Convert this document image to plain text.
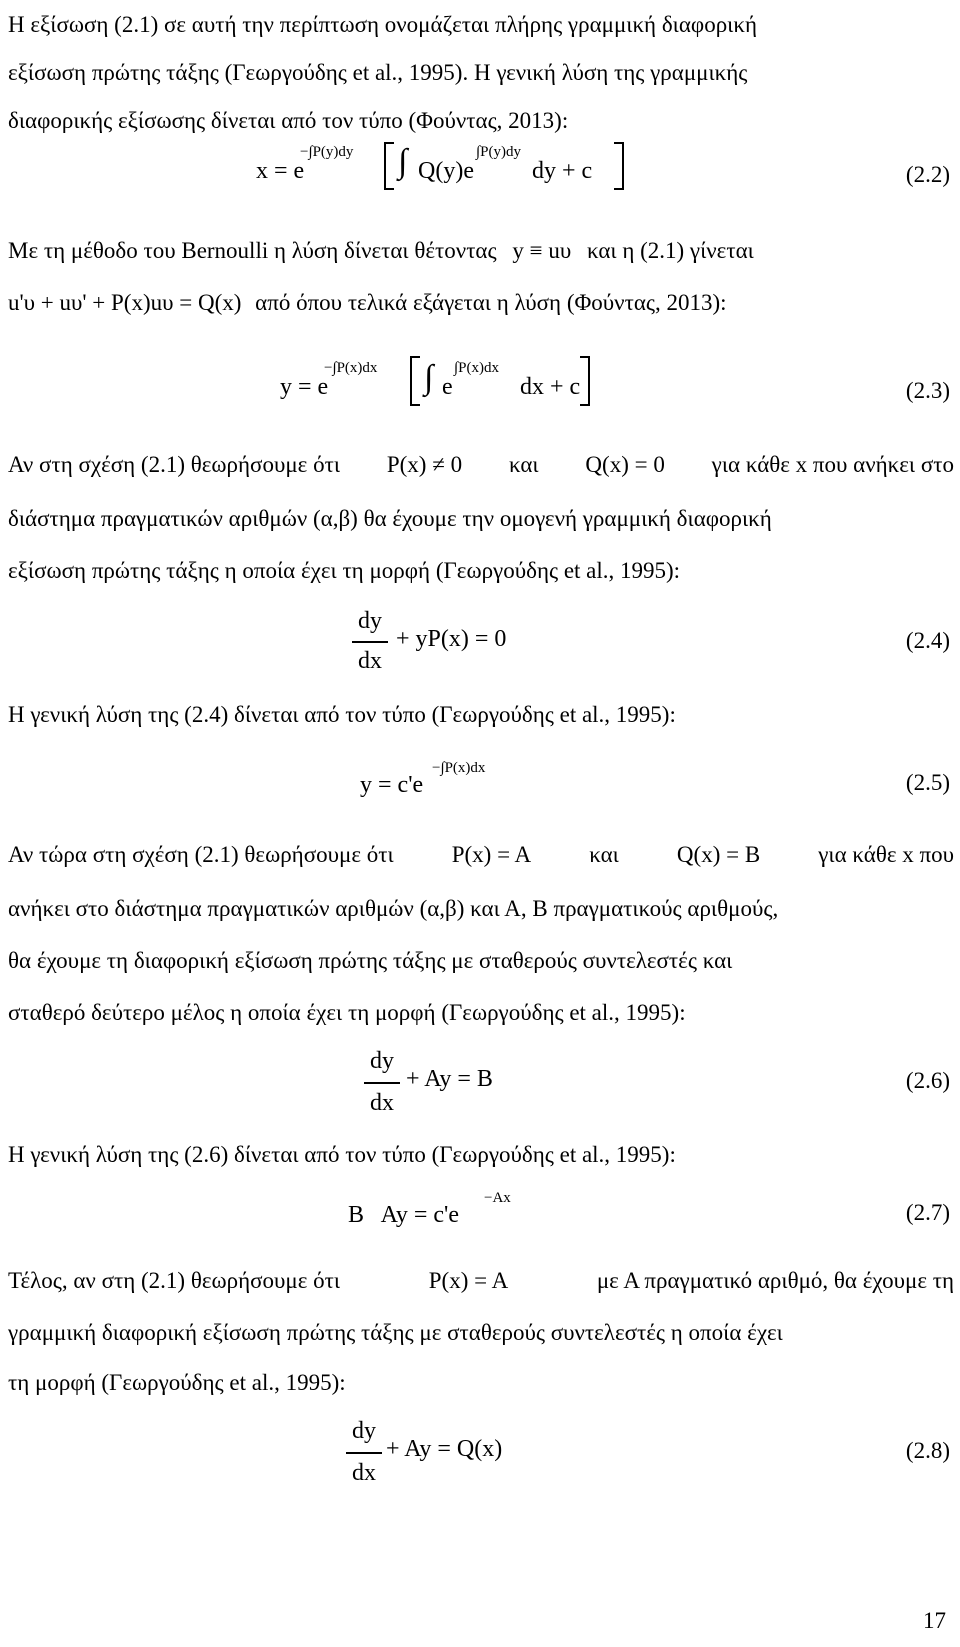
Η εξίσωση (2.1) σε αυτή την περίπτωση ονομάζεται πλήρης γραμμική διαφορική
εξίσωση πρώτης τάξης (Γεωργούδης et al., 1995). Η γενική λύση της γραμμικής
διαφορικής εξίσωσης δίνεται από τον τύπο (Φούντας, 2013):
x = e
−∫P(y)dy ∫ Q(y)e
∫P(y)dy
dy + c	(2.2)
Με τη μέθοδο του Bernoulli η λύση δίνεται θέτοντας y ≡ uυ και η (2.1) γίνεται
u'υ + uυ' + P(x)uυ = Q(x) από όπου τελικά εξάγεται η λύση (Φούντας, 2013):
y = e
−∫P(x)dx ∫ e
∫P(x)dx
dx + c	(2.3)
Αν στη σχέση (2.1) θεωρήσουμε ότι P(x) ≠ 0 και Q(x) = 0 για κάθε x που ανήκει στο
διάστημα πραγματικών αριθμών (α,β) θα έχουμε την ομογενή γραμμική διαφορική
εξίσωση πρώτης τάξης η οποία έχει τη μορφή (Γεωργούδης et al., 1995):
dy
dx
+ yP(x) = 0	(2.4)
Η γενική λύση της (2.4) δίνεται από τον τύπο (Γεωργούδης et al., 1995):
y = c'e
−∫P(x)dx
(2.5)
Αν τώρα στη σχέση (2.1) θεωρήσουμε ότι	P(x) = A	και	Q(x) = B	για κάθε x που
ανήκει στο διάστημα πραγματικών αριθμών (α,β) και Α, Β πραγματικούς αριθμούς,
θα έχουμε τη διαφορική εξίσωση πρώτης τάξης με σταθερούς συντελεστές και
σταθερό δεύτερο μέλος η οποία έχει τη μορφή (Γεωργούδης et al., 1995):
dy
dx
+ Ay = B	(2.6)
Η γενική λύση της (2.6) δίνεται από τον τύπο (Γεωργούδης et al., 1995):
B   Ay = c'e
−Ax
(2.7)
Τέλος, αν στη (2.1) θεωρήσουμε ότι	P(x) = A	με Α πραγματικό αριθμό, θα έχουμε τη
γραμμική διαφορική εξίσωση πρώτης τάξης με σταθερούς συντελεστές η οποία έχει
τη μορφή (Γεωργούδης et al., 1995):
dy
dx
+ Ay = Q(x)	(2.8)
17
